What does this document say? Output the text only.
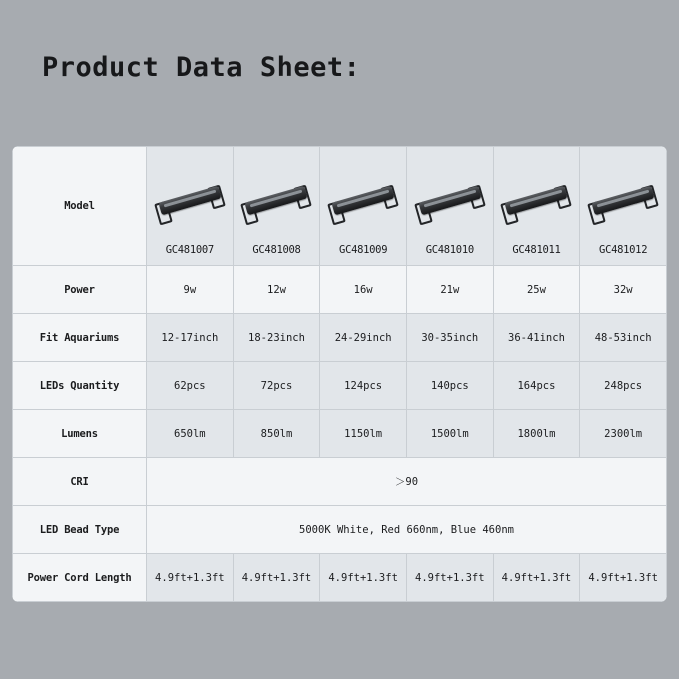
Product Data Sheet:
Model	GC481007	GC481008	GC481009	GC481010	GC481011	GC481012

Power	9w	12w	16w	21w	25w	32w
Fit Aquariums	12-17inch	18-23inch	24-29inch	30-35inch	36-41inch	48-53inch
LEDs Quantity	62pcs	72pcs	124pcs	140pcs	164pcs	248pcs
Lumens	650lm	850lm	1150lm	1500lm	1800lm	2300lm
CRI	＞90					
LED Bead Type	5000K White, Red 660nm, Blue 460nm					
Power Cord Length	4.9ft+1.3ft	4.9ft+1.3ft	4.9ft+1.3ft	4.9ft+1.3ft	4.9ft+1.3ft	4.9ft+1.3ft
